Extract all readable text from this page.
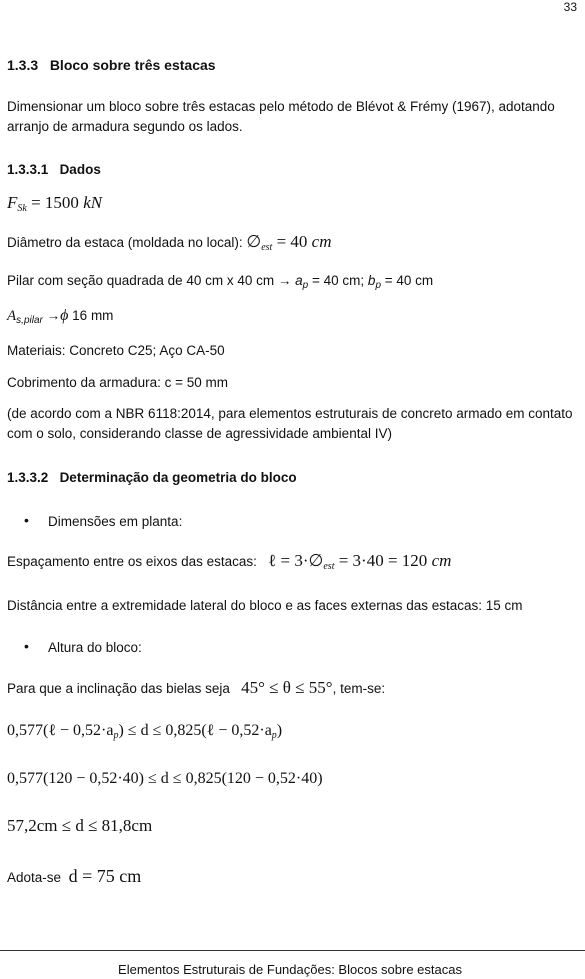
33
1.3.3 Bloco sobre três estacas
Dimensionar um bloco sobre três estacas pelo método de Blévot & Frémy (1967), adotando arranjo de armadura segundo os lados.
1.3.3.1 Dados
$F_{Sk} = 1500$ kN
Diâmetro da estaca (moldada no local): $\emptyset_{est} = 40$ cm
Pilar com seção quadrada de 40 cm x 40 cm → $a_p = 40$ cm; $b_p = 40$ cm
$A_{s,pilar} \to\phi$ 16 mm
Materiais: Concreto C25; Aço CA-50
Cobrimento da armadura: c = 50 mm
(de acordo com a NBR 6118:2014, para elementos estruturais de concreto armado em contato com o solo, considerando classe de agressividade ambiental IV)
1.3.3.2 Determinação da geometria do bloco
• Dimensões em planta:
Espaçamento entre os eixos das estacas: ℓ = $3\cdot\emptyset_{est} = 3\cdot 40 = 120$ cm
Distância entre a extremidade lateral do bloco e as faces externas das estacas: 15 cm
• Altura do bloco:
Para que a inclinação das bielas seja 45° ≤ θ ≤ 55°, tem-se:
0,577(ℓ − $0,52\cdot a_p) \le d$ ≤ 0,825(ℓ − $0,52\cdot a_p$)
0,577(120 − 0,52·40) ≤ d ≤ 0,825(120 − 0,52·40)
57,2cm ≤ d ≤ 81,8cm
Adota-se d = 75 cm
Elementos Estruturais de Fundações: Blocos sobre estacas
